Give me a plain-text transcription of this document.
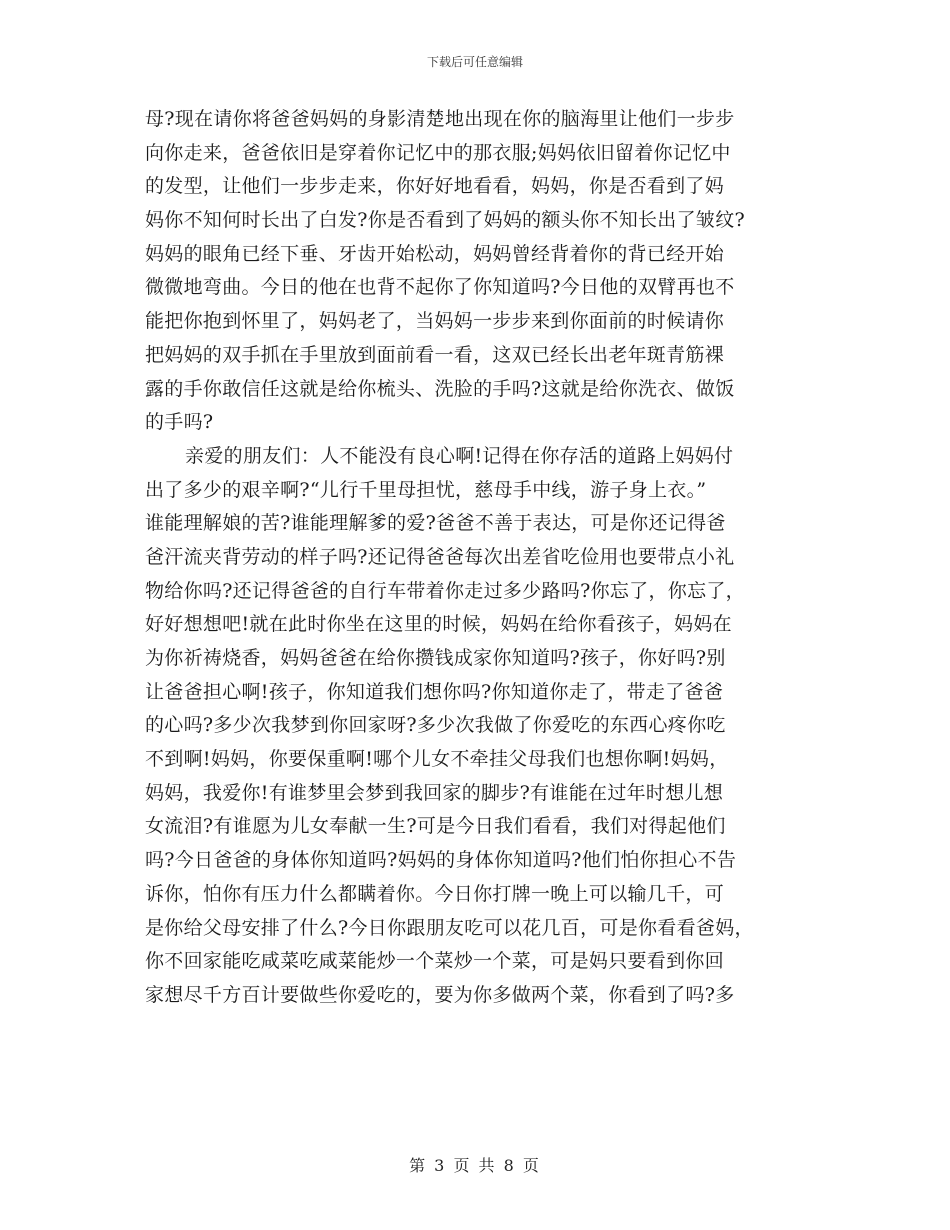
下载后可任意编辑
母?现在请你将爸爸妈妈的身影清楚地出现在你的脑海里让他们一步步
向你走来，爸爸依旧是穿着你记忆中的那衣服;妈妈依旧留着你记忆中
的发型，让他们一步步走来，你好好地看看，妈妈，你是否看到了妈
妈你不知何时长出了白发?你是否看到了妈妈的额头你不知长出了皱纹?
妈妈的眼角已经下垂、牙齿开始松动，妈妈曾经背着你的背已经开始
微微地弯曲。今日的他在也背不起你了你知道吗?今日他的双臂再也不
能把你抱到怀里了，妈妈老了，当妈妈一步步来到你面前的时候请你
把妈妈的双手抓在手里放到面前看一看，这双已经长出老年斑青筋裸
露的手你敢信任这就是给你梳头、洗脸的手吗?这就是给你洗衣、做饭
的手吗?
亲爱的朋友们：人不能没有良心啊!记得在你存活的道路上妈妈付
出了多少的艰辛啊?“儿行千里母担忧，慈母手中线，游子身上衣。”
谁能理解娘的苦?谁能理解爹的爱?爸爸不善于表达，可是你还记得爸
爸汗流夹背劳动的样子吗?还记得爸爸每次出差省吃俭用也要带点小礼
物给你吗?还记得爸爸的自行车带着你走过多少路吗?你忘了，你忘了，
好好想想吧!就在此时你坐在这里的时候，妈妈在给你看孩子，妈妈在
为你祈祷烧香，妈妈爸爸在给你攒钱成家你知道吗?孩子，你好吗?别
让爸爸担心啊!孩子，你知道我们想你吗?你知道你走了，带走了爸爸
的心吗?多少次我梦到你回家呀?多少次我做了你爱吃的东西心疼你吃
不到啊!妈妈，你要保重啊!哪个儿女不牵挂父母我们也想你啊!妈妈，
妈妈，我爱你!有谁梦里会梦到我回家的脚步?有谁能在过年时想儿想
女流泪?有谁愿为儿女奉献一生?可是今日我们看看，我们对得起他们
吗?今日爸爸的身体你知道吗?妈妈的身体你知道吗?他们怕你担心不告
诉你，怕你有压力什么都瞒着你。今日你打牌一晚上可以输几千，可
是你给父母安排了什么?今日你跟朋友吃可以花几百，可是你看看爸妈，
你不回家能吃咸菜吃咸菜能炒一个菜炒一个菜，可是妈只要看到你回
家想尽千方百计要做些你爱吃的，要为你多做两个菜，你看到了吗?多
第 3 页 共 8 页
